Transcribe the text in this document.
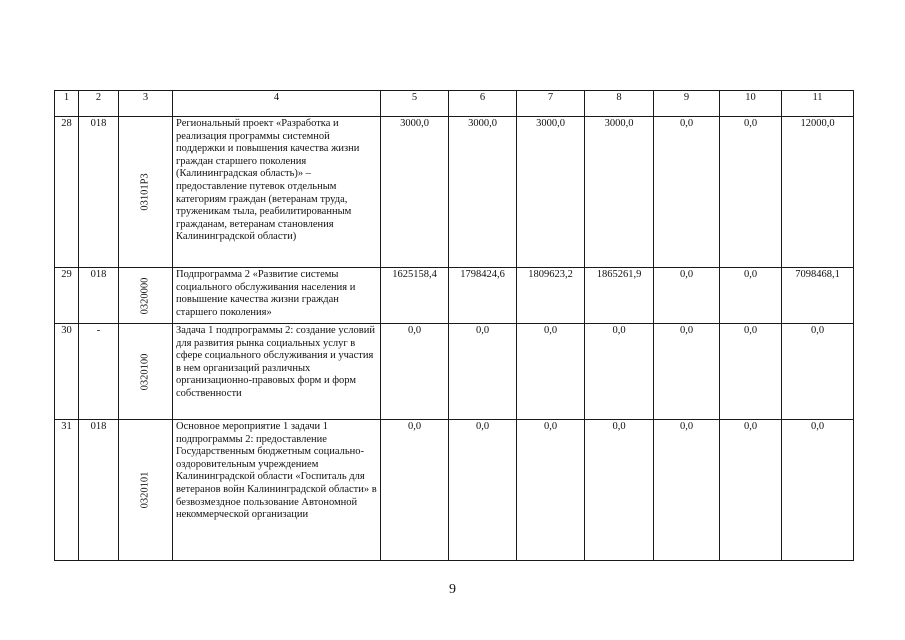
1	2	3	4	5	6	7	8	9	10	11
28	018	03101P3	Региональный проект «Разработка и реализация программы системной поддержки и повышения качества жизни граждан старшего поколения (Калининградская область)» – предоставление путевок отдельным категориям граждан (ветеранам труда, труженикам тыла, реабилитированным гражданам, ветеранам становления Калининградской области)	3000,0	3000,0	3000,0	3000,0	0,0	0,0	12000,0
29	018	0320000	Подпрограмма 2 «Развитие системы социального обслуживания населения и повышение качества жизни граждан старшего поколения»	1625158,4	1798424,6	1809623,2	1865261,9	0,0	0,0	7098468,1
30	-	0320100	Задача 1 подпрограммы 2: создание условий для развития рынка социальных услуг в сфере социального обслуживания и участия в нем организаций различных организационно-правовых форм и форм собственности	0,0	0,0	0,0	0,0	0,0	0,0	0,0
31	018	0320101	Основное мероприятие 1 задачи 1 подпрограммы 2: предоставление Государственным бюджетным социально-оздоровительным учреждением Калининградской области «Госпиталь для ветеранов войн Калининградской области» в безвозмездное пользование Автономной некоммерческой организации	0,0	0,0	0,0	0,0	0,0	0,0	0,0
9
